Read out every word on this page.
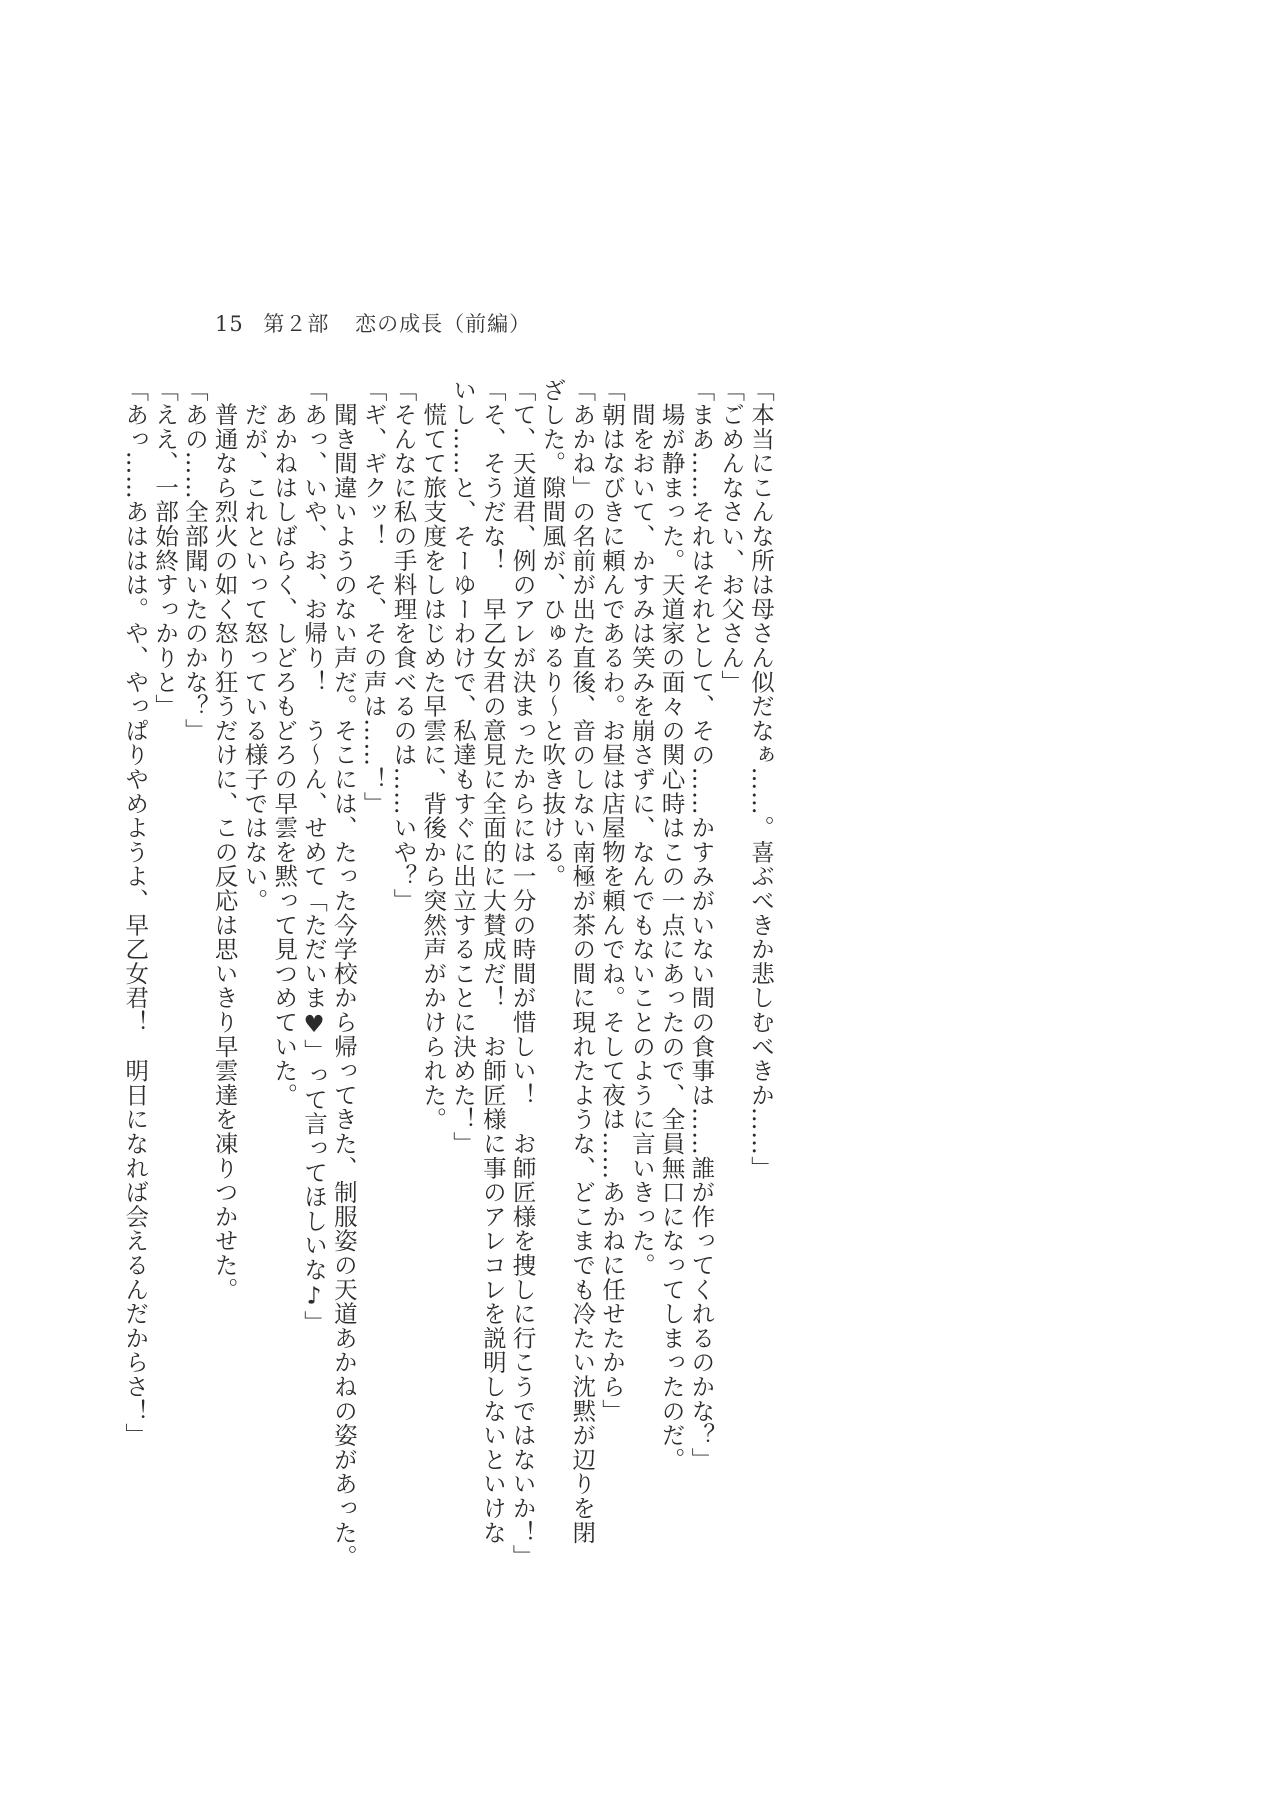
15 第２部 恋の成長（前編）
「本当にこんな所は母さん似だなぁ……。喜ぶべきか悲しむべきか……」
「ごめんなさい、お父さん」
「まあ……それはそれとして、その……かすみがいない間の食事は……誰が作ってくれるのかな？」
　場が静まった。天道家の面々の関心時はこの一点にあったので、全員無口になってしまったのだ。
　間をおいて、かすみは笑みを崩さずに、なんでもないことのように言いきった。
「朝はなびきに頼んであるわ。お昼は店屋物を頼んでね。そして夜は……あかねに任せたから」
「あかね」の名前が出た直後、音のしない南極が茶の間に現れたような、どこまでも冷たい沈黙が辺りを閉
ざした。隙間風が、ひゅるり〜と吹き抜ける。
「て、天道君、例のアレが決まったからには一分の時間が惜しい！　お師匠様を捜しに行こうではないか！」
「そ、そうだな！　早乙女君の意見に全面的に大賛成だ！　お師匠様に事のアレコレを説明しないといけな
いし……と、そーゆーわけで、私達もすぐに出立することに決めた！」
　慌てて旅支度をしはじめた早雲に、背後から突然声がかけられた。
「そんなに私の手料理を食べるのは……いや？」
「ギ、ギクッ！　そ、その声は……！」
　聞き間違いようのない声だ。そこには、たった今学校から帰ってきた、制服姿の天道あかねの姿があった。
「あっ、いや、お、お帰り！　う〜ん、せめて「ただいま♥」って言ってほしいな♪」
　あかねはしばらく、しどろもどろの早雲を黙って見つめていた。
　だが、これといって怒っている様子ではない。
　普通なら烈火の如く怒り狂うだけに、この反応は思いきり早雲達を凍りつかせた。
「あの……全部聞いたのかな？」
「ええ、一部始終すっかりと」
「あっ……あははは。や、やっぱりやめようよ、早乙女君！　明日になれば会えるんだからさ！」
